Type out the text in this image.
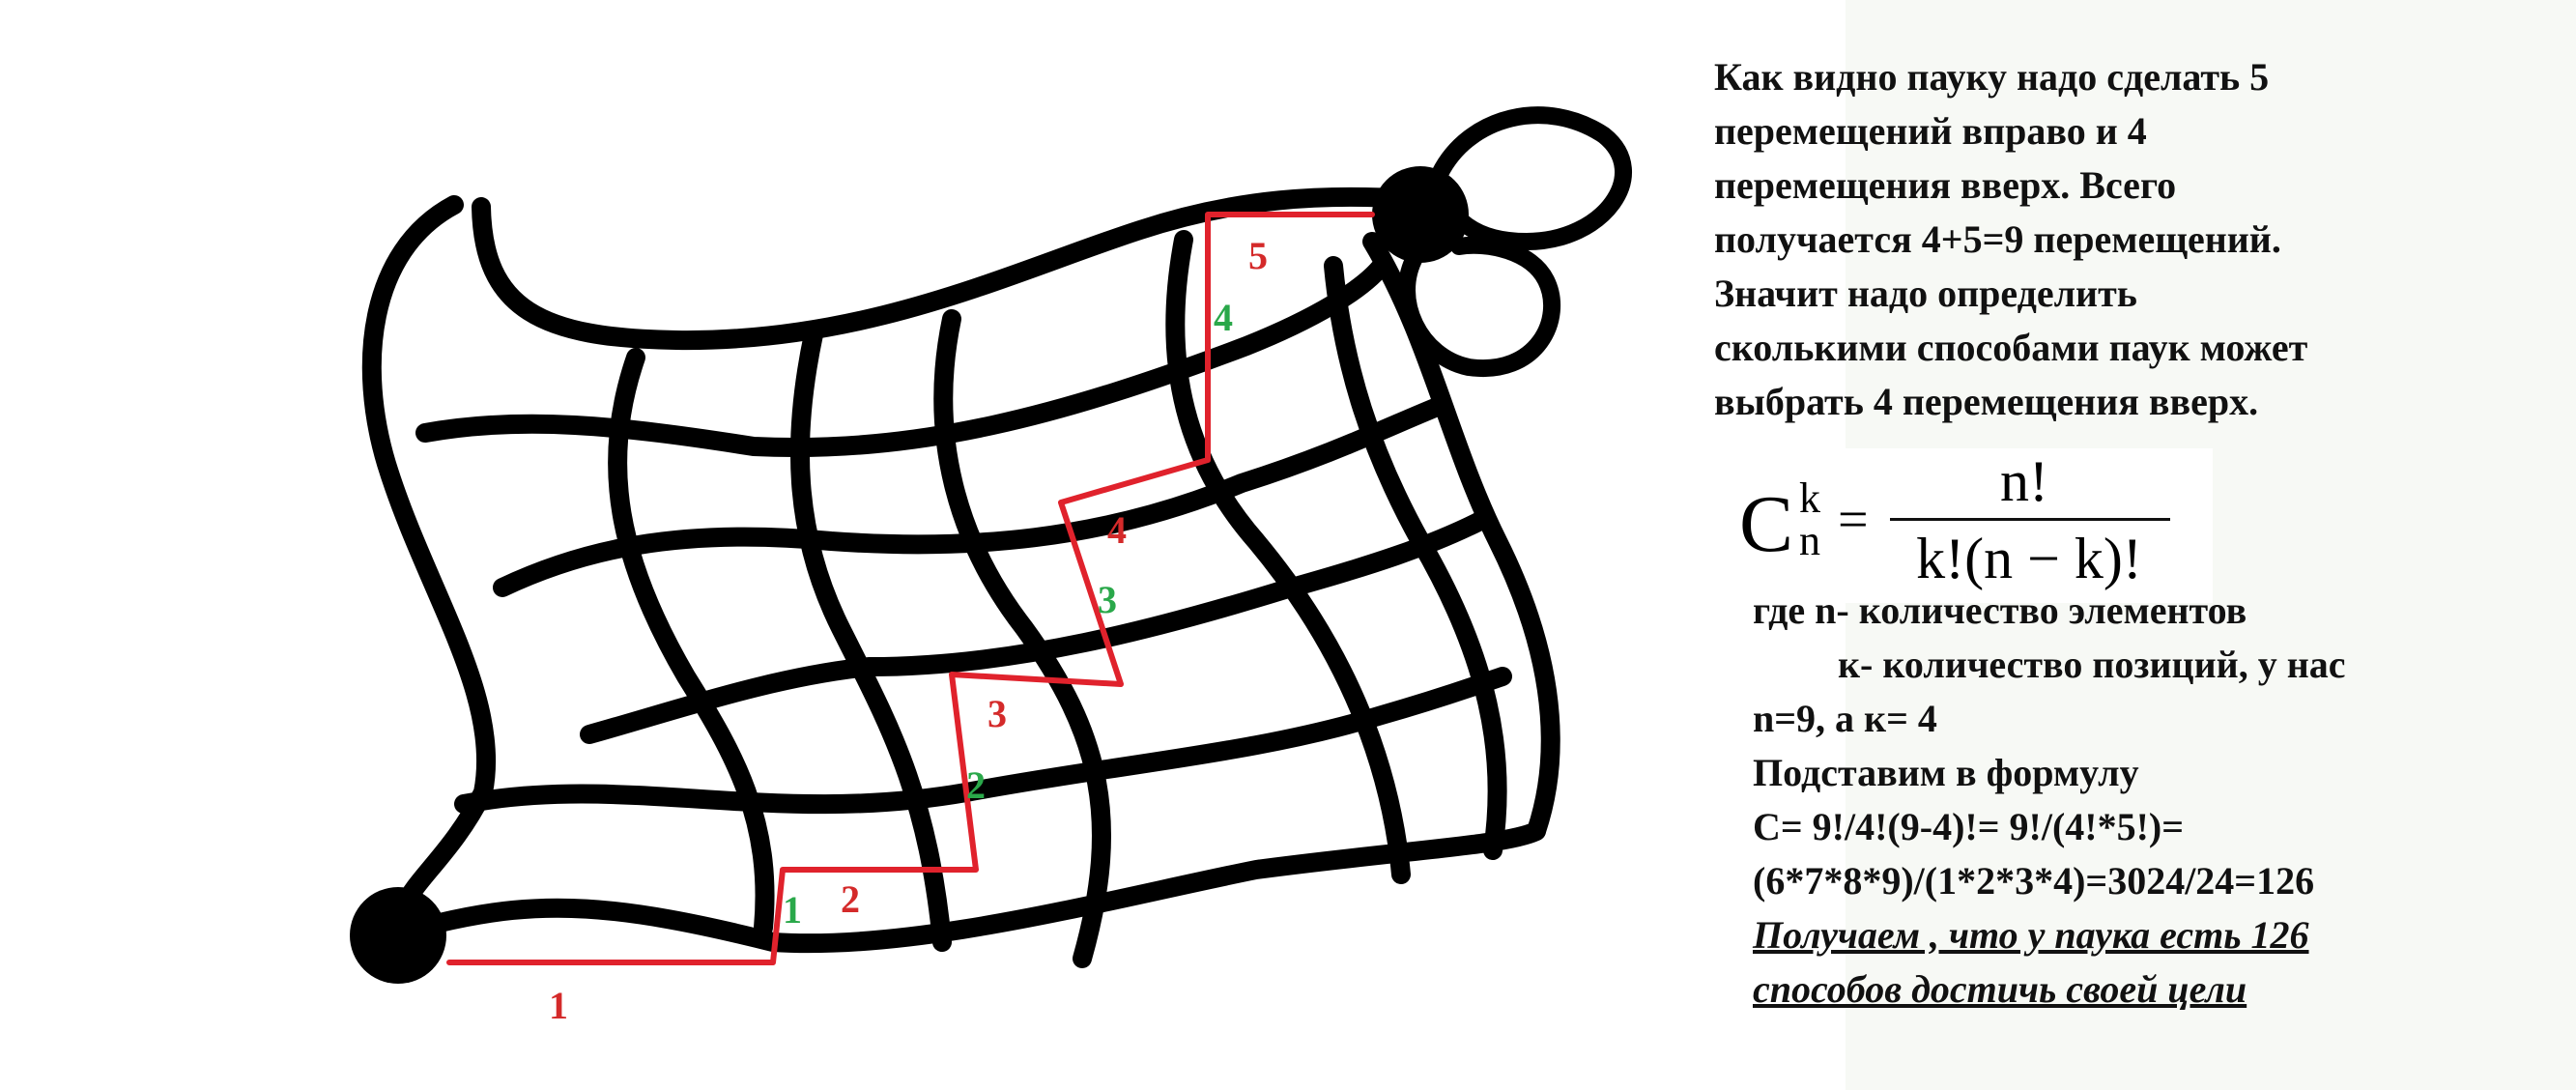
1
2
3
4
5
1
2
3
4
Как видно пауку надо сделать 5
перемещений вправо и 4
перемещения вверх. Всего
получается 4+5=9 перемещений.
Значит надо определить
сколькими способами паук может
выбрать 4 перемещения вверх.
C k
n =
n!
k!(n − k)!
где n- количество элементов
к- количество позиций, у нас
n=9, а к= 4
Подставим в формулу
С= 9!/4!(9-4)!= 9!/(4!*5!)=
(6*7*8*9)/(1*2*3*4)=3024/24=126
Получаем , что у паука есть 126
способов достичь своей цели
